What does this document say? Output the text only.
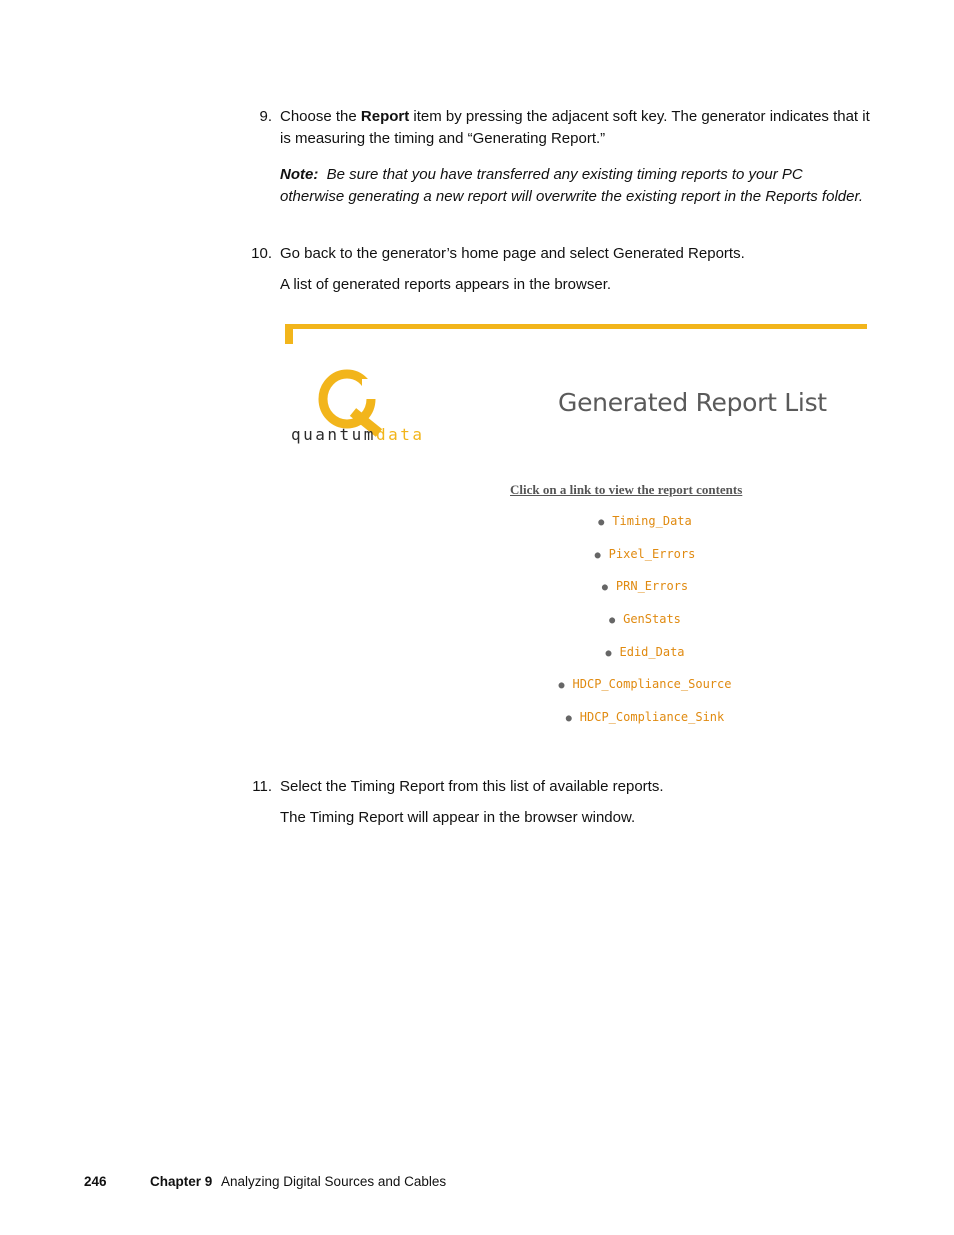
9. Choose the Report item by pressing the adjacent soft key. The generator indicates that it is measuring the timing and “Generating Report.”

Note: Be sure that you have transferred any existing timing reports to your PC otherwise generating a new report will overwrite the existing report in the Reports folder.

10. Go back to the generator’s home page and select Generated Reports.

A list of generated reports appears in the browser.

quantumdata
Generated Report List
Click on a link to view the report contents
● Timing_Data
● Pixel_Errors
● PRN_Errors
● GenStats
● Edid_Data
● HDCP_Compliance_Source
● HDCP_Compliance_Sink

11. Select the Timing Report from this list of available reports.

The Timing Report will appear in the browser window.

246	Chapter 9 Analyzing Digital Sources and Cables
